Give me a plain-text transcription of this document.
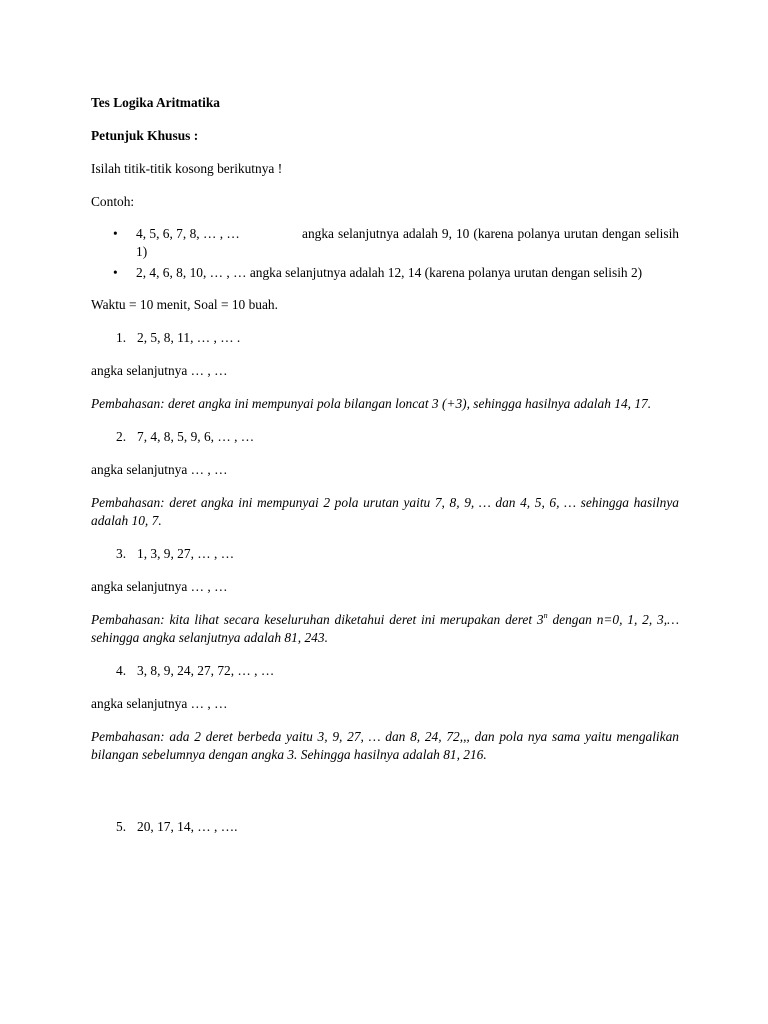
Tes Logika Aritmatika

Petunjuk Khusus :

Isilah titik-titik kosong berikutnya !

Contoh:

• 4, 5, 6, 7, 8, … , …	angka selanjutnya adalah 9, 10 (karena polanya urutan dengan selisih 1)
• 2, 4, 6, 8, 10, … , … angka selanjutnya adalah 12, 14 (karena polanya urutan dengan selisih 2)

Waktu = 10 menit, Soal = 10 buah.

1. 2, 5, 8, 11, … , … .

angka selanjutnya … , …

Pembahasan: deret angka ini mempunyai pola bilangan loncat 3 (+3), sehingga hasilnya adalah 14, 17.

2. 7, 4, 8, 5, 9, 6, … , …

angka selanjutnya … , …

Pembahasan: deret angka ini mempunyai 2 pola urutan yaitu 7, 8, 9, … dan 4, 5, 6, … sehingga hasilnya adalah 10, 7.

3. 1, 3, 9, 27, … , …

angka selanjutnya … , …

Pembahasan: kita lihat secara keseluruhan diketahui deret ini merupakan deret 3$^n$ dengan n=0, 1, 2, 3,… sehingga angka selanjutnya adalah 81, 243.

4. 3, 8, 9, 24, 27, 72, … , …

angka selanjutnya … , …

Pembahasan: ada 2 deret berbeda yaitu 3, 9, 27, … dan 8, 24, 72,,, dan pola nya sama yaitu mengalikan bilangan sebelumnya dengan angka 3. Sehingga hasilnya adalah 81, 216.

5. 20, 17, 14, … , ….
